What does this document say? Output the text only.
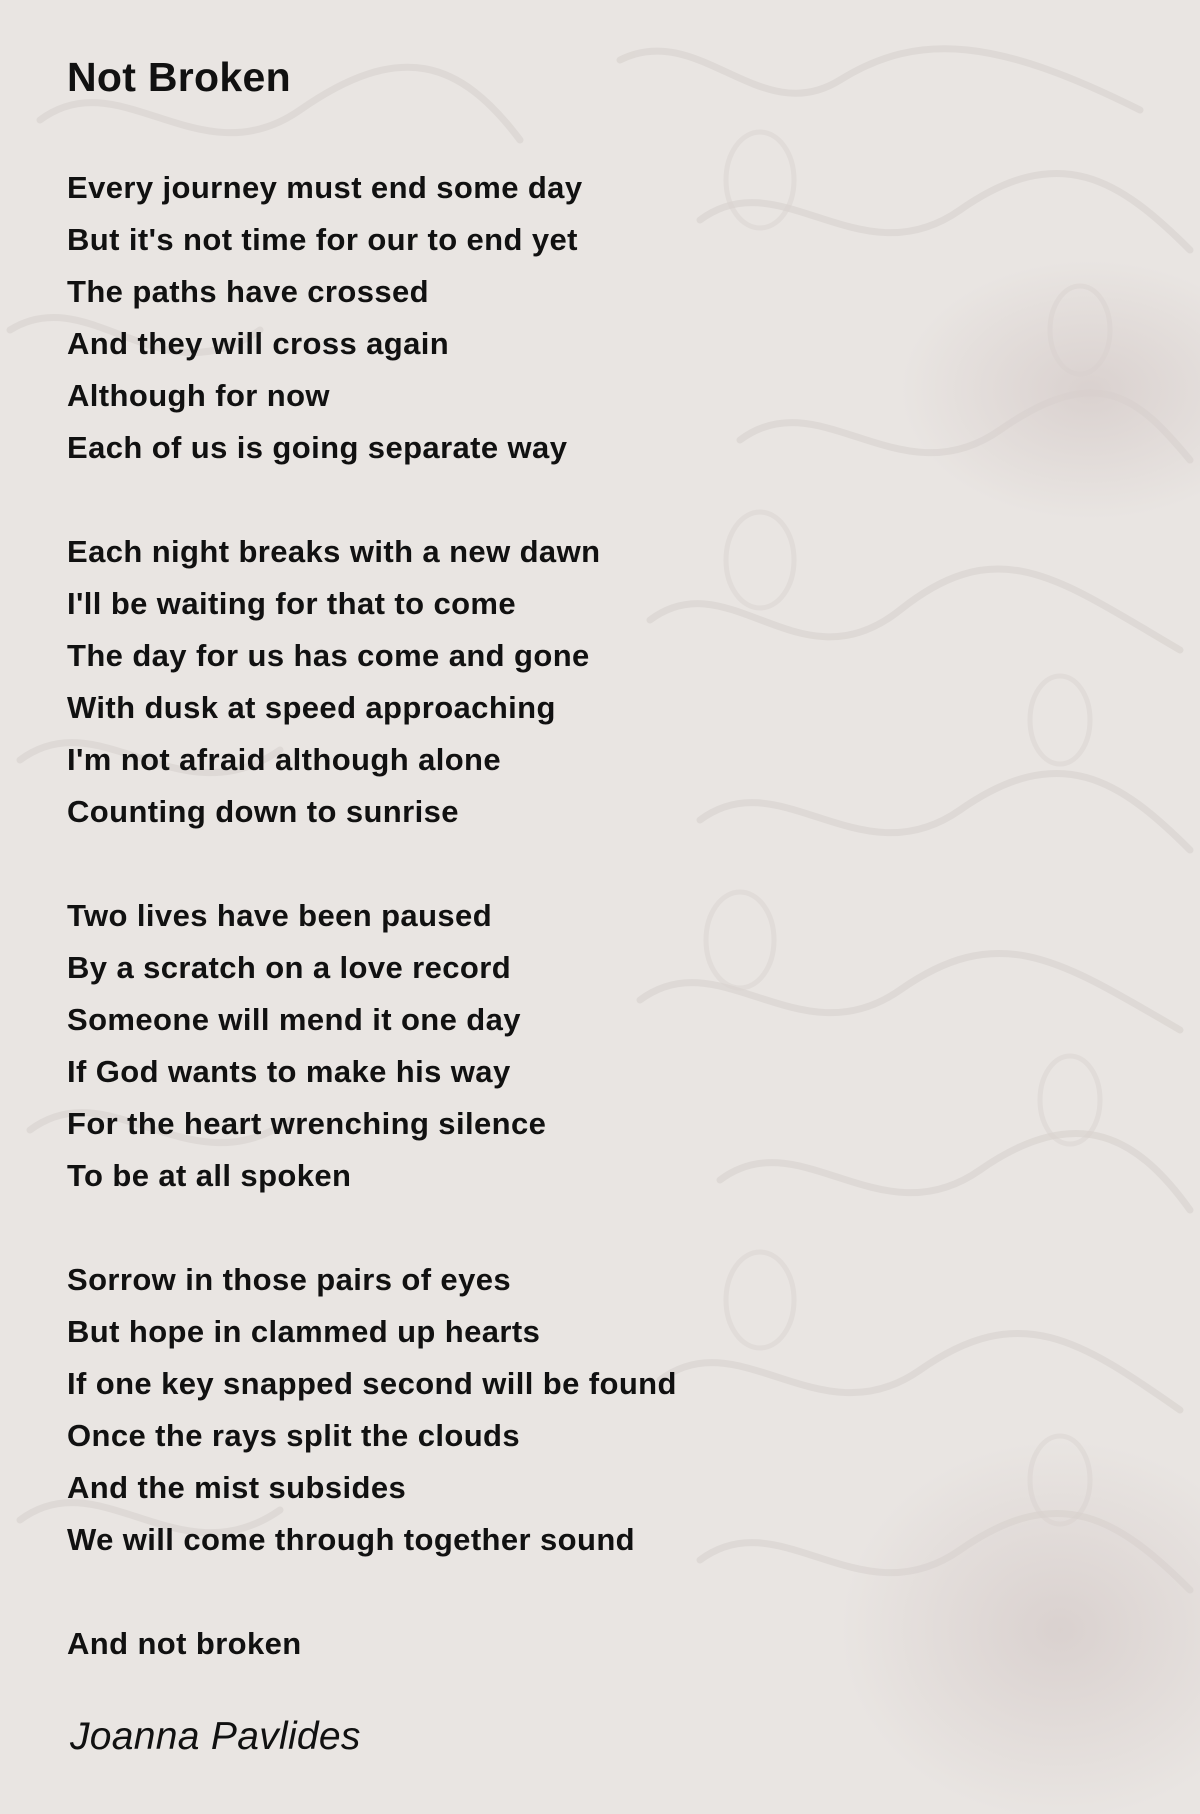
Not Broken
Every journey must end some day
But it's not time for our to end yet
The paths have crossed
And they will cross again
Although for now
Each of us is going separate way
Each night breaks with a new dawn
I'll be waiting for that to come
The day for us has come and gone
With dusk at speed approaching
I'm not afraid although alone
Counting down to sunrise
Two lives have been paused
By a scratch on a love record
Someone will mend it one day
If God wants to make his way
For the heart wrenching silence
To be at all spoken
Sorrow in those pairs of eyes
But hope in clammed up hearts
If one key snapped second will be found
Once the rays split the clouds
And the mist subsides
We will come through together sound
And not broken
Joanna Pavlides
